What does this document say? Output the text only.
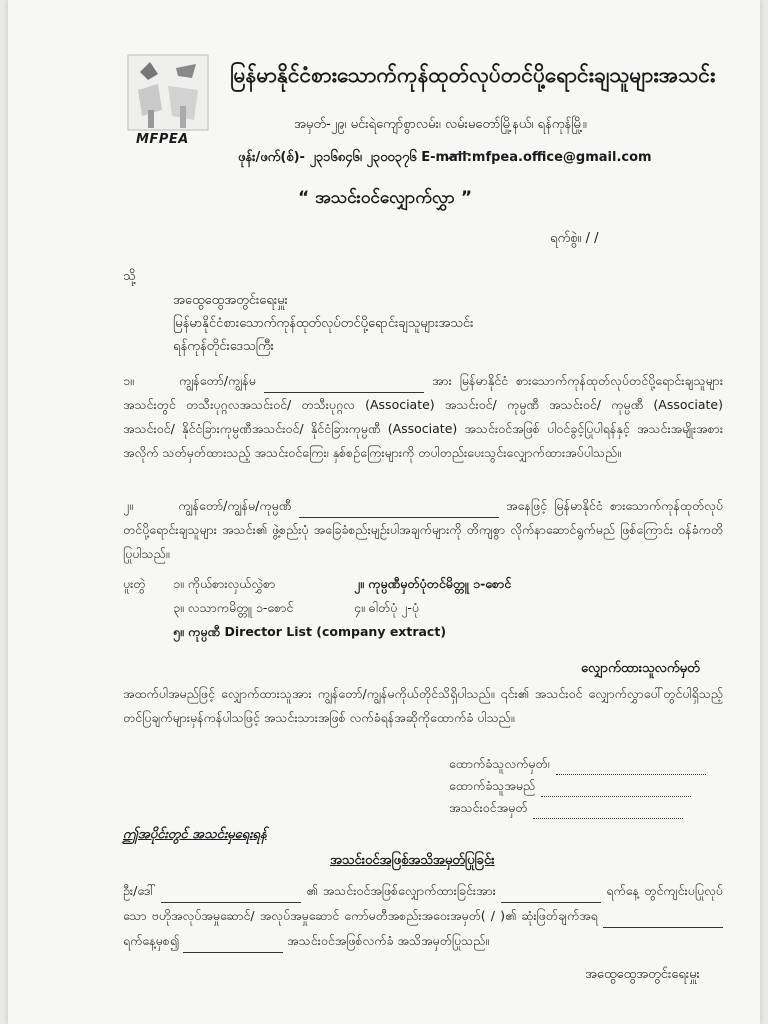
MFPEA
မြန်မာနိုင်ငံစားသောက်ကုန်ထုတ်လုပ်တင်ပို့ရောင်းချသူများအသင်း
အမှတ်-၂၉၊ မင်းရဲကျော်စွာလမ်း၊ လမ်းမတော်မြို့နယ်၊ ရန်ကုန်မြို့။
ဖုန်း/ဖက်(စ်)- ၂၃၁၆၈၄၆၊ ၂၃၀၀၃၇၆ E-mail:mfpea.office@gmail.com
“ အသင်းဝင်လျှောက်လွှာ ”
ရက်စွဲ။ / /
သို့
အထွေထွေအတွင်းရေးမှူး
မြန်မာနိုင်ငံစားသောက်ကုန်ထုတ်လုပ်တင်ပို့ရောင်းချသူများအသင်း
ရန်ကုန်တိုင်းဒေသကြီး
၁။	ကျွန်တော်/ကျွန်မ	အား မြန်မာနိုင်ငံ စားသောက်ကုန်ထုတ်လုပ်တင်ပို့ရောင်းချသူများအသင်းတွင် တသီးပုဂ္ဂလအသင်းဝင်/ တသီးပုဂ္ဂလ (Associate) အသင်းဝင်/ ကုမ္ပဏီ အသင်းဝင်/ ကုမ္ပဏီ (Associate) အသင်းဝင်/ နိုင်ငံခြားကုမ္ပဏီအသင်းဝင်/ နိုင်ငံခြားကုမ္ပဏီ (Associate) အသင်းဝင်အဖြစ် ပါဝင်ခွင့်ပြုပါရန်နှင့် အသင်းအမျိုးအစားအလိုက် သတ်မှတ်ထားသည့် အသင်းဝင်ကြေး၊ နှစ်စဉ်ကြေးများကို တပါတည်းပေးသွင်းလျှောက်ထားအပ်ပါသည်။
၂။	ကျွန်တော်/ကျွန်မ/ကုမ္ပဏီ	အနေဖြင့် မြန်မာနိုင်ငံ စားသောက်ကုန်ထုတ်လုပ်တင်ပို့ရောင်းချသူများ အသင်း၏ ဖွဲ့စည်းပုံ အခြေခံစည်းမျဉ်းပါအချက်များကို တိကျစွာ လိုက်နာဆောင်ရွက်မည် ဖြစ်ကြောင်း ဝန်ခံကတိပြုပါသည်။
ပူးတွဲ ၁။ ကိုယ်စားလှယ်လွှဲစာ	၂။ ကုမ္ပဏီမှတ်ပုံတင်မိတ္တူ ၁-စောင်
၃။ လသာကမိတ္တူ ၁-စောင်	၄။ ဓါတ်ပုံ ၂-ပုံ
၅။ ကုမ္ပဏီ Director List (company extract)
လျှောက်ထားသူလက်မှတ်
အထက်ပါအမည်ဖြင့် လျှောက်ထားသူအား ကျွန်တော်/ကျွန်မကိုယ်တိုင်သိရှိပါသည်။ ၎င်း၏ အသင်းဝင် လျှောက်လွှာပေါ်တွင်ပါရှိသည့် တင်ပြချက်များမှန်ကန်ပါသဖြင့် အသင်းသားအဖြစ် လက်ခံရန်အဆိုကိုထောက်ခံ ပါသည်။
ထောက်ခံသူလက်မှတ်၊
ထောက်ခံသူအမည်
အသင်းဝင်အမှတ်
ဤအပိုင်းတွင် အသင်းမှရေးရန်
အသင်းဝင်အဖြစ်အသိအမှတ်ပြုခြင်း
ဦး/ဒေါ်	၏ အသင်းဝင်အဖြစ်လျှောက်ထားခြင်းအား	ရက်နေ့ တွင်ကျင်းပပြုလုပ်သော ဗဟိုအလုပ်အမှုဆောင်/ အလုပ်အမှုဆောင် ကော်မတီအစည်းအဝေးအမှတ်( / )၏ ဆုံးဖြတ်ချက်အရ   ရက်နေ့မှစ၍	အသင်းဝင်အဖြစ်လက်ခံ အသိအမှတ်ပြုသည်။
အထွေထွေအတွင်းရေးမှူး
